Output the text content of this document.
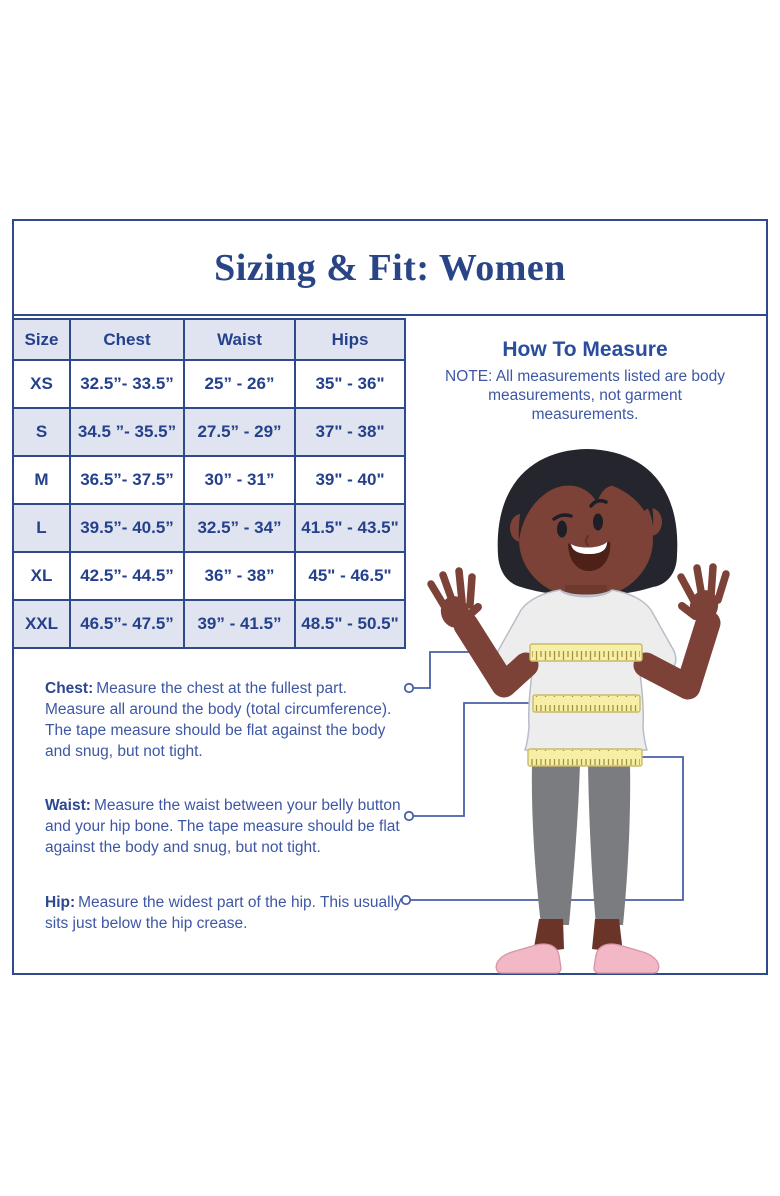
Sizing & Fit: Women
Size	Chest	Waist	Hips
XS	32.5”- 33.5”	25” - 26”	35" - 36"
S	34.5 ”- 35.5”	27.5” - 29”	37" - 38"
M	36.5”- 37.5”	30” - 31”	39" - 40"
L	39.5”- 40.5”	32.5” - 34”	41.5" - 43.5"
XL	42.5”- 44.5”	36” - 38”	45" - 46.5"
XXL	46.5”- 47.5”	39” - 41.5”	48.5" - 50.5"
How To Measure
NOTE: All measurements listed are body measurements, not garment measurements.

Chest: Measure the chest at the fullest part. Measure all around the body (total circumference). The tape measure should be flat against the body and snug, but not tight.

Waist: Measure the waist between your belly button and your hip bone. The tape measure should be flat against the body and snug, but not tight.

Hip: Measure the widest part of the hip. This usually sits just below the hip crease.
